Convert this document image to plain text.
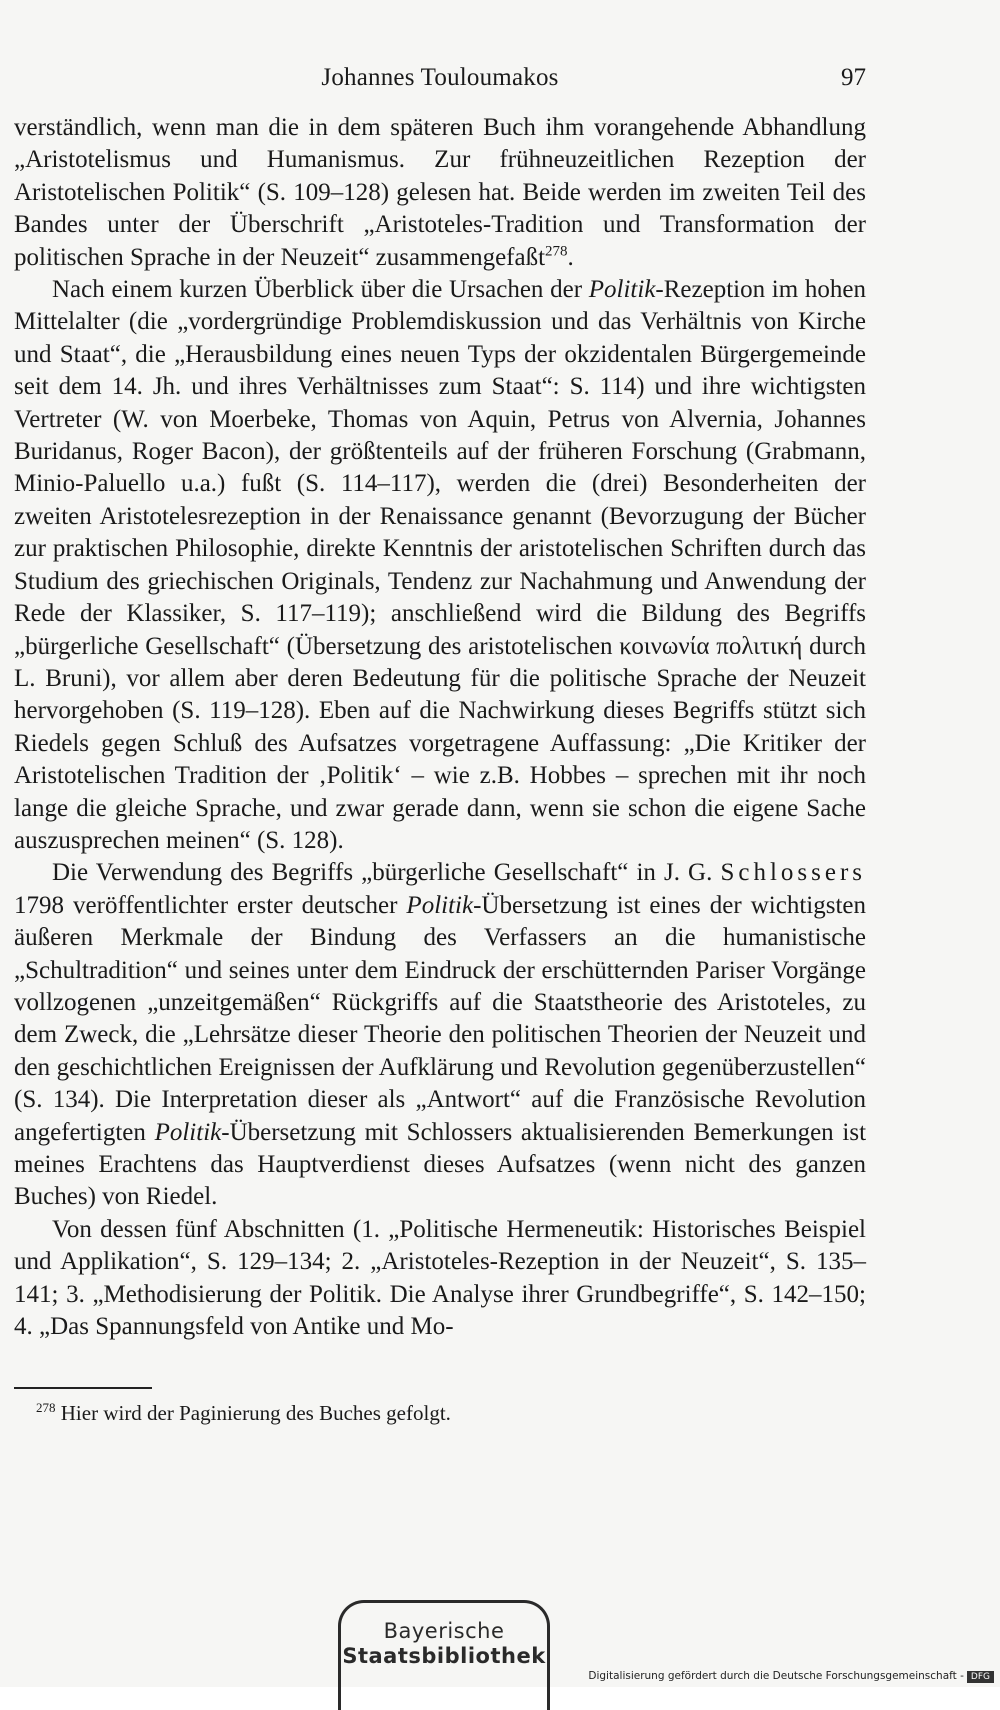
Johannes Touloumakos	97

verständlich, wenn man die in dem späteren Buch ihm vorangehende Abhandlung „Aristotelismus und Humanismus. Zur frühneuzeitlichen Rezeption der Aristotelischen Politik“ (S. 109–128) gelesen hat. Beide werden im zweiten Teil des Bandes unter der Überschrift „Aristoteles-Tradition und Transformation der politischen Sprache in der Neuzeit“ zusammengefaßt$^{278}$.

Nach einem kurzen Überblick über die Ursachen der Politik-Rezeption im hohen Mittelalter (die „vordergründige Problemdiskussion und das Verhältnis von Kirche und Staat“, die „Herausbildung eines neuen Typs der okzidentalen Bürgergemeinde seit dem 14. Jh. und ihres Verhältnisses zum Staat“: S. 114) und ihre wichtigsten Vertreter (W. von Moerbeke, Thomas von Aquin, Petrus von Alvernia, Johannes Buridanus, Roger Bacon), der größtenteils auf der früheren Forschung (Grabmann, Minio-Paluello u.a.) fußt (S. 114–117), werden die (drei) Besonderheiten der zweiten Aristotelesrezeption in der Renaissance genannt (Bevorzugung der Bücher zur praktischen Philosophie, direkte Kenntnis der aristotelischen Schriften durch das Studium des griechischen Originals, Tendenz zur Nachahmung und Anwendung der Rede der Klassiker, S. 117–119); anschließend wird die Bildung des Begriffs „bürgerliche Gesellschaft“ (Übersetzung des aristotelischen κοινωνία πολιτική durch L. Bruni), vor allem aber deren Bedeutung für die politische Sprache der Neuzeit hervorgehoben (S. 119–128). Eben auf die Nachwirkung dieses Begriffs stützt sich Riedels gegen Schluß des Aufsatzes vorgetragene Auffassung: „Die Kritiker der Aristotelischen Tradition der ‚Politik‘ – wie z.B. Hobbes – sprechen mit ihr noch lange die gleiche Sprache, und zwar gerade dann, wenn sie schon die eigene Sache auszusprechen meinen“ (S. 128).

Die Verwendung des Begriffs „bürgerliche Gesellschaft“ in J. G. Schlossers 1798 veröffentlichter erster deutscher Politik-Übersetzung ist eines der wichtigsten äußeren Merkmale der Bindung des Verfassers an die humanistische „Schultradition“ und seines unter dem Eindruck der erschütternden Pariser Vorgänge vollzogenen „unzeitgemäßen“ Rückgriffs auf die Staatstheorie des Aristoteles, zu dem Zweck, die „Lehrsätze dieser Theorie den politischen Theorien der Neuzeit und den geschichtlichen Ereignissen der Aufklärung und Revolution gegenüberzustellen“ (S. 134). Die Interpretation dieser als „Antwort“ auf die Französische Revolution angefertigten Politik-Übersetzung mit Schlossers aktualisierenden Bemerkungen ist meines Erachtens das Hauptverdienst dieses Aufsatzes (wenn nicht des ganzen Buches) von Riedel.

Von dessen fünf Abschnitten (1. „Politische Hermeneutik: Historisches Beispiel und Applikation“, S. 129–134; 2. „Aristoteles-Rezeption in der Neuzeit“, S. 135–141; 3. „Methodisierung der Politik. Die Analyse ihrer Grundbegriffe“, S. 142–150; 4. „Das Spannungsfeld von Antike und Mo-

$^{278}$ Hier wird der Paginierung des Buches gefolgt.
Bayerische
Staatsbibliothek
Digitalisierung gefördert durch die Deutsche Forschungsgemeinschaft - DFG
